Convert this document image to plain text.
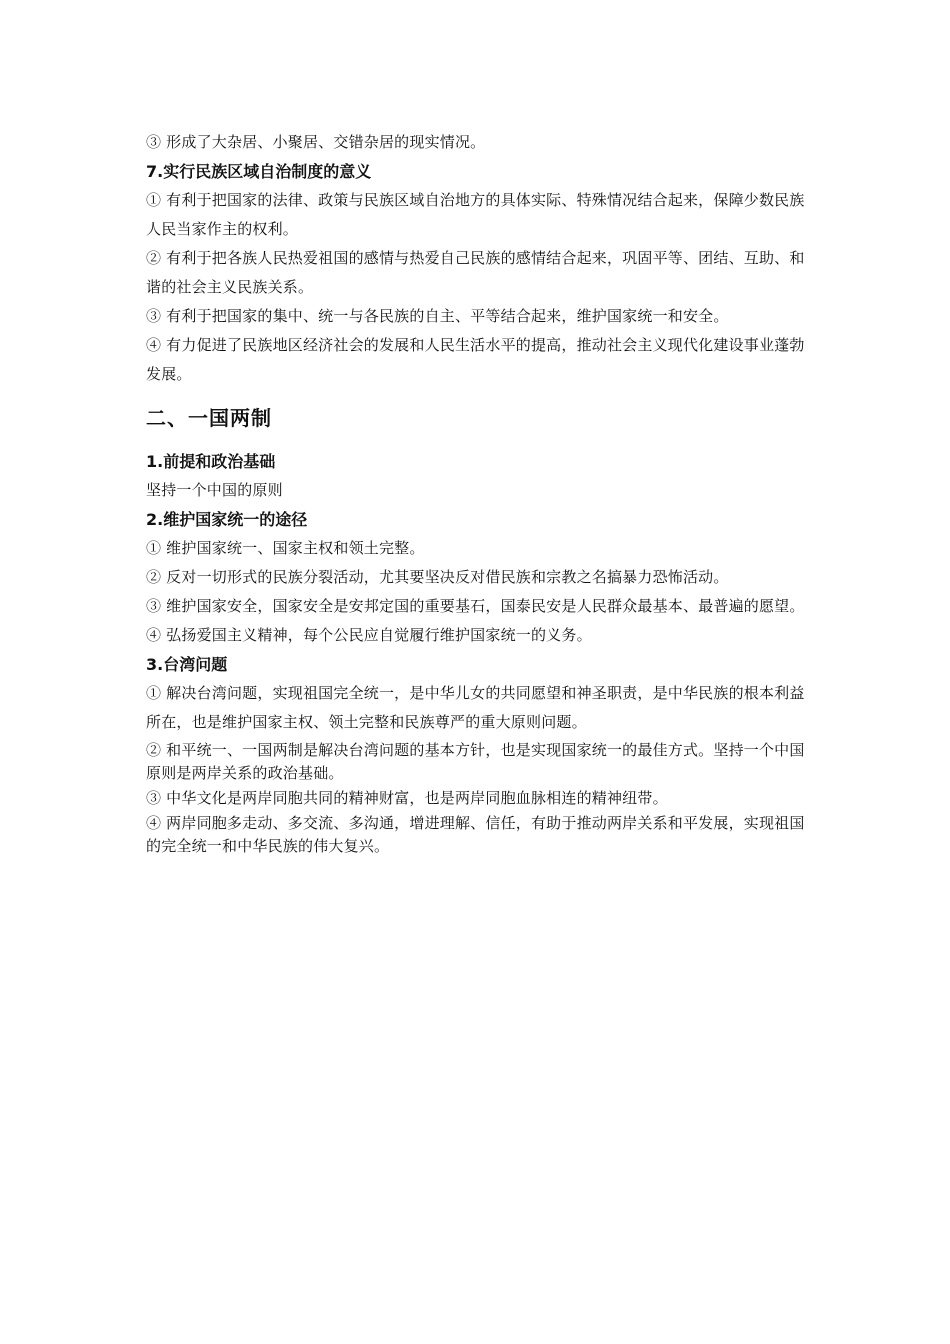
③ 形成了大杂居、小聚居、交错杂居的现实情况。

7.实行民族区域自治制度的意义

① 有利于把国家的法律、政策与民族区域自治地方的具体实际、特殊情况结合起来，保障少数民族人民当家作主的权利。

② 有利于把各族人民热爱祖国的感情与热爱自己民族的感情结合起来，巩固平等、团结、互助、和谐的社会主义民族关系。

③ 有利于把国家的集中、统一与各民族的自主、平等结合起来，维护国家统一和安全。

④ 有力促进了民族地区经济社会的发展和人民生活水平的提高，推动社会主义现代化建设事业蓬勃发展。

二、一国两制

1.前提和政治基础

坚持一个中国的原则

2.维护国家统一的途径

① 维护国家统一、国家主权和领土完整。

② 反对一切形式的民族分裂活动，尤其要坚决反对借民族和宗教之名搞暴力恐怖活动。

③ 维护国家安全，国家安全是安邦定国的重要基石，国泰民安是人民群众最基本、最普遍的愿望。

④ 弘扬爱国主义精神，每个公民应自觉履行维护国家统一的义务。

3.台湾问题

① 解决台湾问题，实现祖国完全统一，是中华儿女的共同愿望和神圣职责，是中华民族的根本利益所在，也是维护国家主权、领土完整和民族尊严的重大原则问题。

② 和平统一、一国两制是解决台湾问题的基本方针，也是实现国家统一的最佳方式。坚持一个中国原则是两岸关系的政治基础。

③ 中华文化是两岸同胞共同的精神财富，也是两岸同胞血脉相连的精神纽带。

④ 两岸同胞多走动、多交流、多沟通，增进理解、信任，有助于推动两岸关系和平发展，实现祖国的完全统一和中华民族的伟大复兴。
